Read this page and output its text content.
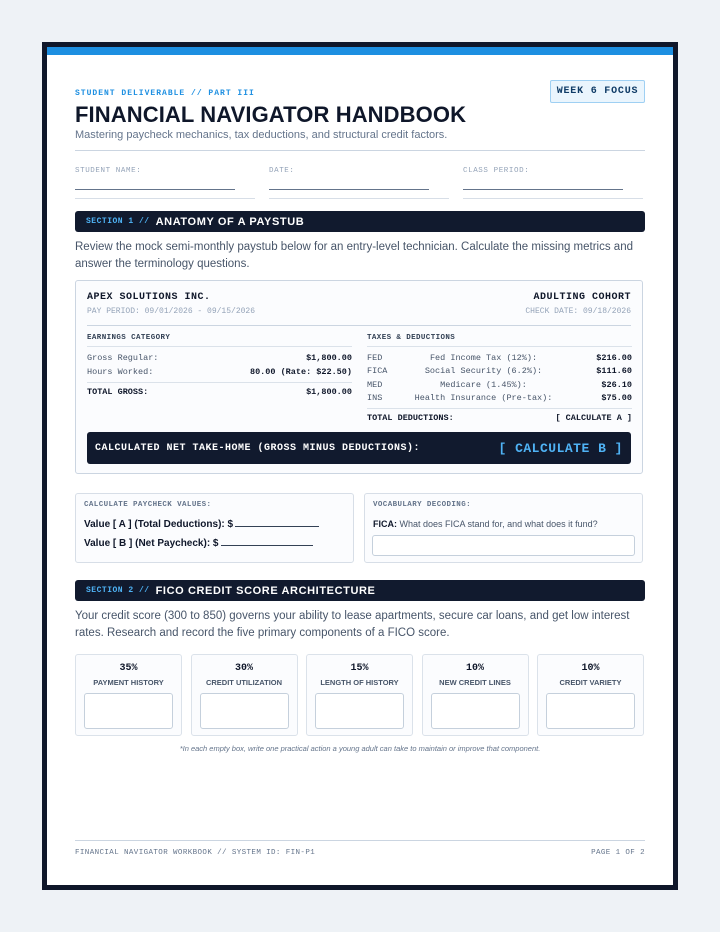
STUDENT DELIVERABLE // PART III	WEEK 6 FOCUS
FINANCIAL NAVIGATOR HANDBOOK
Mastering paycheck mechanics, tax deductions, and structural credit factors.
STUDENT NAME:	DATE:	CLASS PERIOD:
SECTION 1 // ANATOMY OF A PAYSTUB
Review the mock semi-monthly paystub below for an entry-level technician. Calculate the missing metrics and answer the terminology questions.
APEX SOLUTIONS INC.	ADULTING COHORT
PAY PERIOD: 09/01/2026 - 09/15/2026	CHECK DATE: 09/18/2026
EARNINGS CATEGORY
Gross Regular:	$1,800.00
Hours Worked:	80.00 (Rate: $22.50)
TOTAL GROSS:	$1,800.00
TAXES & DEDUCTIONS
FED	Fed Income Tax (12%):	$216.00
FICA	Social Security (6.2%):	$111.60
MED	Medicare (1.45%):	$26.10
INS	Health Insurance (Pre-tax):	$75.00
TOTAL DEDUCTIONS:	[ CALCULATE A ]
CALCULATED NET TAKE-HOME (GROSS MINUS DEDUCTIONS):	[ CALCULATE B ]
CALCULATE PAYCHECK VALUES:
Value [ A ] (Total Deductions): $
Value [ B ] (Net Paycheck): $
VOCABULARY DECODING:
FICA: What does FICA stand for, and what does it fund?
SECTION 2 // FICO CREDIT SCORE ARCHITECTURE
Your credit score (300 to 850) governs your ability to lease apartments, secure car loans, and get low interest rates. Research and record the five primary components of a FICO score.
35%
PAYMENT HISTORY
30%
CREDIT UTILIZATION
15%
LENGTH OF HISTORY
10%
NEW CREDIT LINES
10%
CREDIT VARIETY
*In each empty box, write one practical action a young adult can take to maintain or improve that component.
FINANCIAL NAVIGATOR WORKBOOK // SYSTEM ID: FIN-P1	PAGE 1 OF 2
